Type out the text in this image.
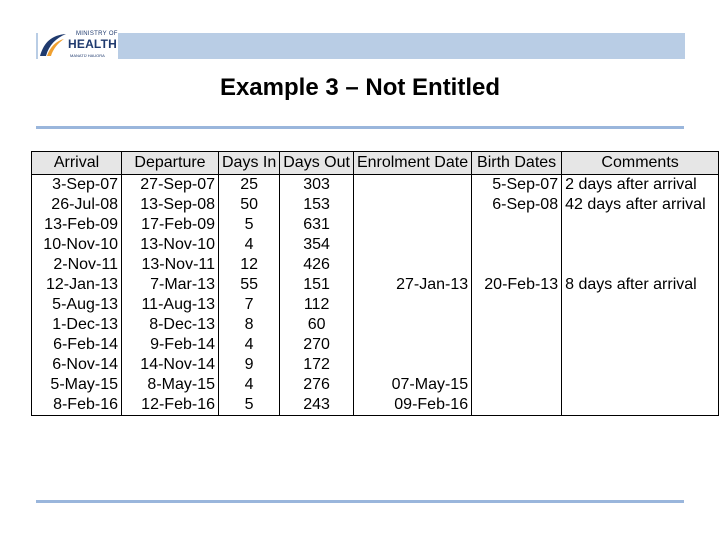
MINISTRY OF
HEALTH
MANATŪ HAUORA
Example 3 – Not Entitled
Arrival	Departure	Days In	Days Out	Enrolment Date	Birth Dates	Comments
3-Sep-07	27-Sep-07	25	303		5-Sep-07	2 days after arrival
26-Jul-08	13-Sep-08	50	153		6-Sep-08	42 days after arrival
13-Feb-09	17-Feb-09	5	631			
10-Nov-10	13-Nov-10	4	354			
2-Nov-11	13-Nov-11	12	426			
12-Jan-13	7-Mar-13	55	151	27-Jan-13	20-Feb-13	8 days after arrival
5-Aug-13	11-Aug-13	7	112			
1-Dec-13	8-Dec-13	8	60			
6-Feb-14	9-Feb-14	4	270			
6-Nov-14	14-Nov-14	9	172			
5-May-15	8-May-15	4	276	07-May-15		
8-Feb-16	12-Feb-16	5	243	09-Feb-16		
